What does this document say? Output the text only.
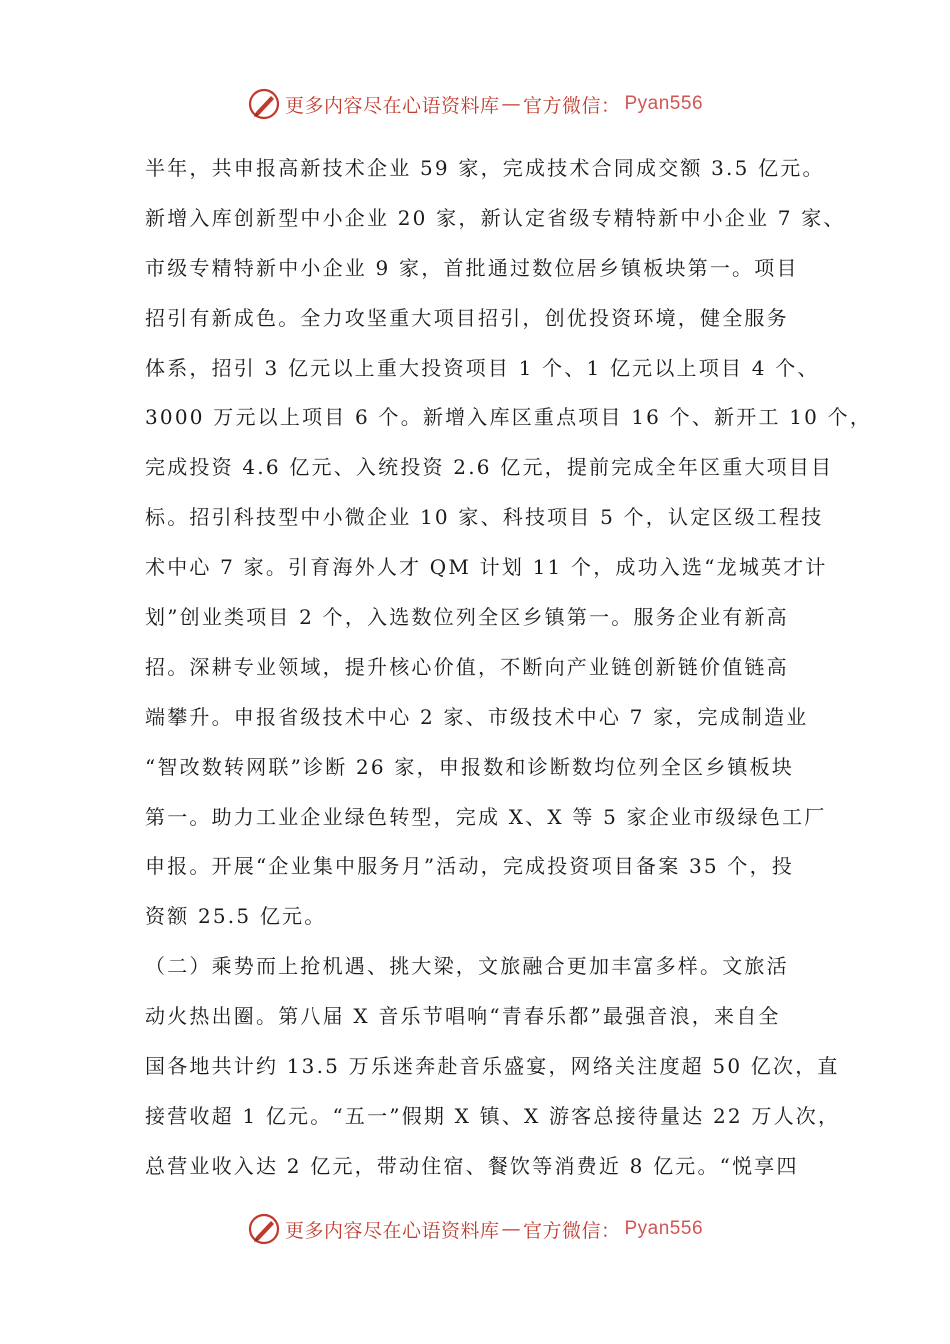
更多内容尽在心语资料库 — 官方微信： Pyan556
半年，共申报高新技术企业 59 家，完成技术合同成交额 3.5 亿元。
新增入库创新型中小企业 20 家，新认定省级专精特新中小企业 7 家、
市级专精特新中小企业 9 家，首批通过数位居乡镇板块第一。项目
招引有新成色。全力攻坚重大项目招引，创优投资环境，健全服务
体系，招引 3 亿元以上重大投资项目 1 个、1 亿元以上项目 4 个、
3000 万元以上项目 6 个。新增入库区重点项目 16 个、新开工 10 个，
完成投资 4.6 亿元、入统投资 2.6 亿元，提前完成全年区重大项目目
标。招引科技型中小微企业 10 家、科技项目 5 个，认定区级工程技
术中心 7 家。引育海外人才 QM 计划 11 个，成功入选“龙城英才计
划”创业类项目 2 个，入选数位列全区乡镇第一。服务企业有新高
招。深耕专业领域，提升核心价值，不断向产业链创新链价值链高
端攀升。申报省级技术中心 2 家、市级技术中心 7 家，完成制造业
“智改数转网联”诊断 26 家，申报数和诊断数均位列全区乡镇板块
第一。助力工业企业绿色转型，完成 X、X 等 5 家企业市级绿色工厂
申报。开展“企业集中服务月”活动，完成投资项目备案 35 个，投
资额 25.5 亿元。
（二）乘势而上抢机遇、挑大梁，文旅融合更加丰富多样。文旅活
动火热出圈。第八届 X 音乐节唱响“青春乐都”最强音浪，来自全
国各地共计约 13.5 万乐迷奔赴音乐盛宴，网络关注度超 50 亿次，直
接营收超 1 亿元。“五一”假期 X 镇、X 游客总接待量达 22 万人次，
总营业收入达 2 亿元，带动住宿、餐饮等消费近 8 亿元。“悦享四
更多内容尽在心语资料库 — 官方微信： Pyan556
